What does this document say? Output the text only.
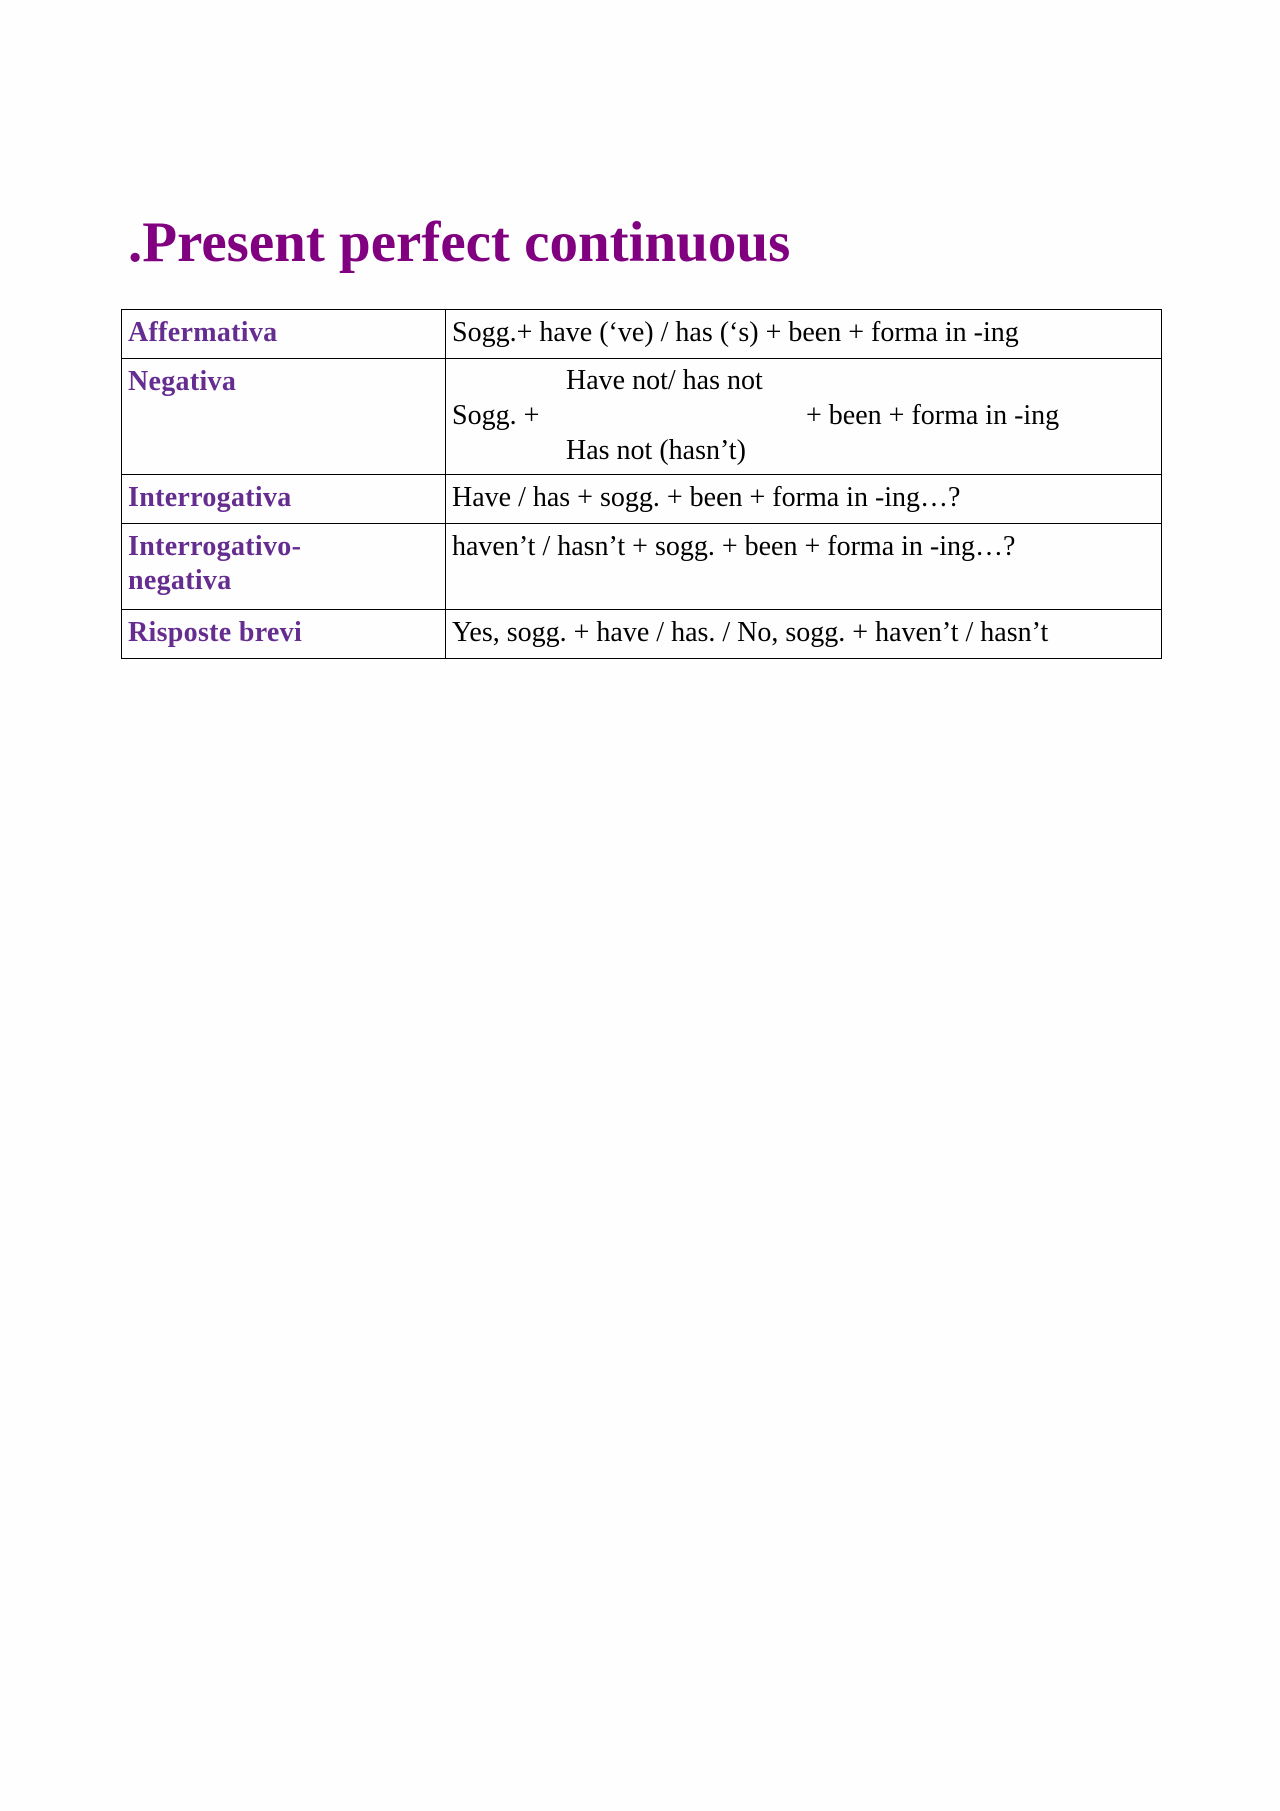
.Present perfect continuous
Affermativa	Sogg.+ have (‘ve) / has (‘s) + been + forma in -ing
Negativa	Have not/ has not
Sogg. + + been + forma in -ing
Has not (hasn’t)

Interrogativa	Have / has + sogg. + been + forma in -ing…?
Interrogativo-
negativa	haven’t / hasn’t + sogg. + been + forma in -ing…?
Risposte brevi	Yes, sogg. + have / has. / No, sogg. + haven’t / hasn’t
